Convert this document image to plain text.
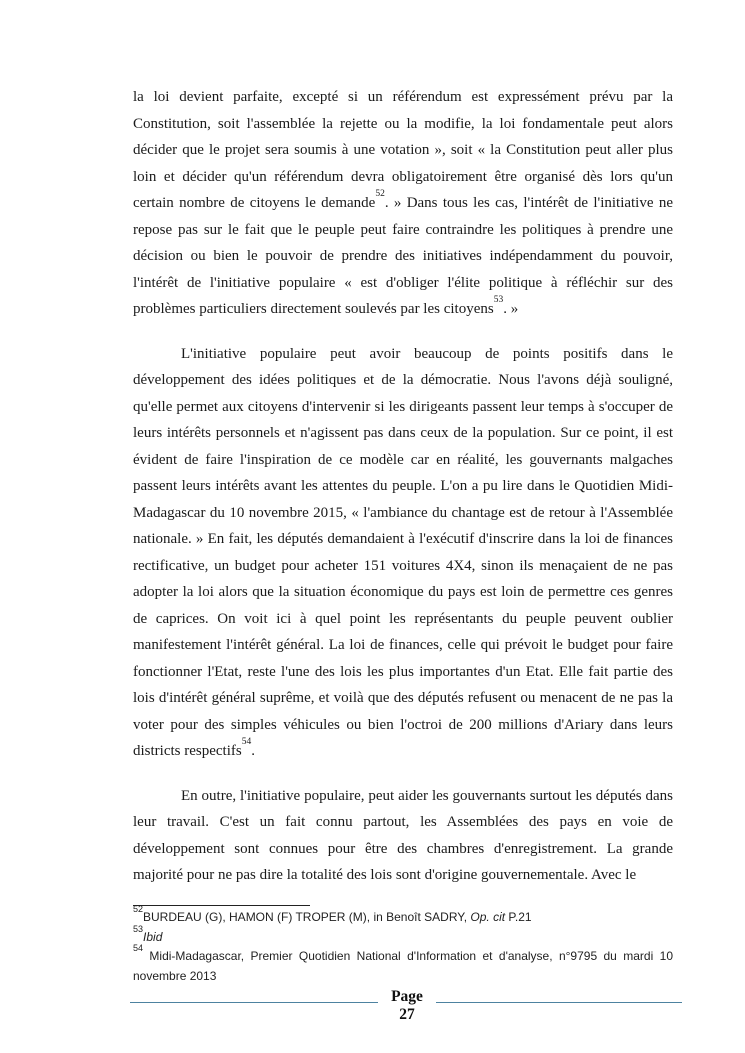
la loi devient parfaite, excepté si un référendum est expressément prévu par la Constitution, soit l'assemblée la rejette ou la modifie, la loi fondamentale peut alors décider que le projet sera soumis à une votation », soit « la Constitution peut aller plus loin et décider qu'un référendum devra obligatoirement être organisé dès lors qu'un certain nombre de citoyens le demande$^{52}$. » Dans tous les cas, l'intérêt de l'initiative ne repose pas sur le fait que le peuple peut faire contraindre les politiques à prendre une décision ou bien le pouvoir de prendre des initiatives indépendamment du pouvoir, l'intérêt de l'initiative populaire « est d'obliger l'élite politique à réfléchir sur des problèmes particuliers directement soulevés par les citoyens$^{53}$. »

L'initiative populaire peut avoir beaucoup de points positifs dans le développement des idées politiques et de la démocratie. Nous l'avons déjà souligné, qu'elle permet aux citoyens d'intervenir si les dirigeants passent leur temps à s'occuper de leurs intérêts personnels et n'agissent pas dans ceux de la population. Sur ce point, il est évident de faire l'inspiration de ce modèle car en réalité, les gouvernants malgaches passent leurs intérêts avant les attentes du peuple. L'on a pu lire dans le Quotidien Midi-Madagascar du 10 novembre 2015, « l'ambiance du chantage est de retour à l'Assemblée nationale. » En fait, les députés demandaient à l'exécutif d'inscrire dans la loi de finances rectificative, un budget pour acheter 151 voitures 4X4, sinon ils menaçaient de ne pas adopter la loi alors que la situation économique du pays est loin de permettre ces genres de caprices. On voit ici à quel point les représentants du peuple peuvent oublier manifestement l'intérêt général. La loi de finances, celle qui prévoit le budget pour faire fonctionner l'Etat, reste l'une des lois les plus importantes d'un Etat. Elle fait partie des lois d'intérêt général suprême, et voilà que des députés refusent ou menacent de ne pas la voter pour des simples véhicules ou bien l'octroi de 200 millions d'Ariary dans leurs districts respectifs$^{54}$.

En outre, l'initiative populaire, peut aider les gouvernants surtout les députés dans leur travail. C'est un fait connu partout, les Assemblées des pays en voie de développement sont connues pour être des chambres d'enregistrement. La grande majorité pour ne pas dire la totalité des lois sont d'origine gouvernementale. Avec le

$^{52}$BURDEAU (G), HAMON (F) TROPER (M), in Benoît SADRY, Op. cit P.21
$^{53}$Ibid
$^{54}$ Midi-Madagascar, Premier Quotidien National d'Information et d'analyse, n°9795 du mardi 10 novembre 2013
Page
27
